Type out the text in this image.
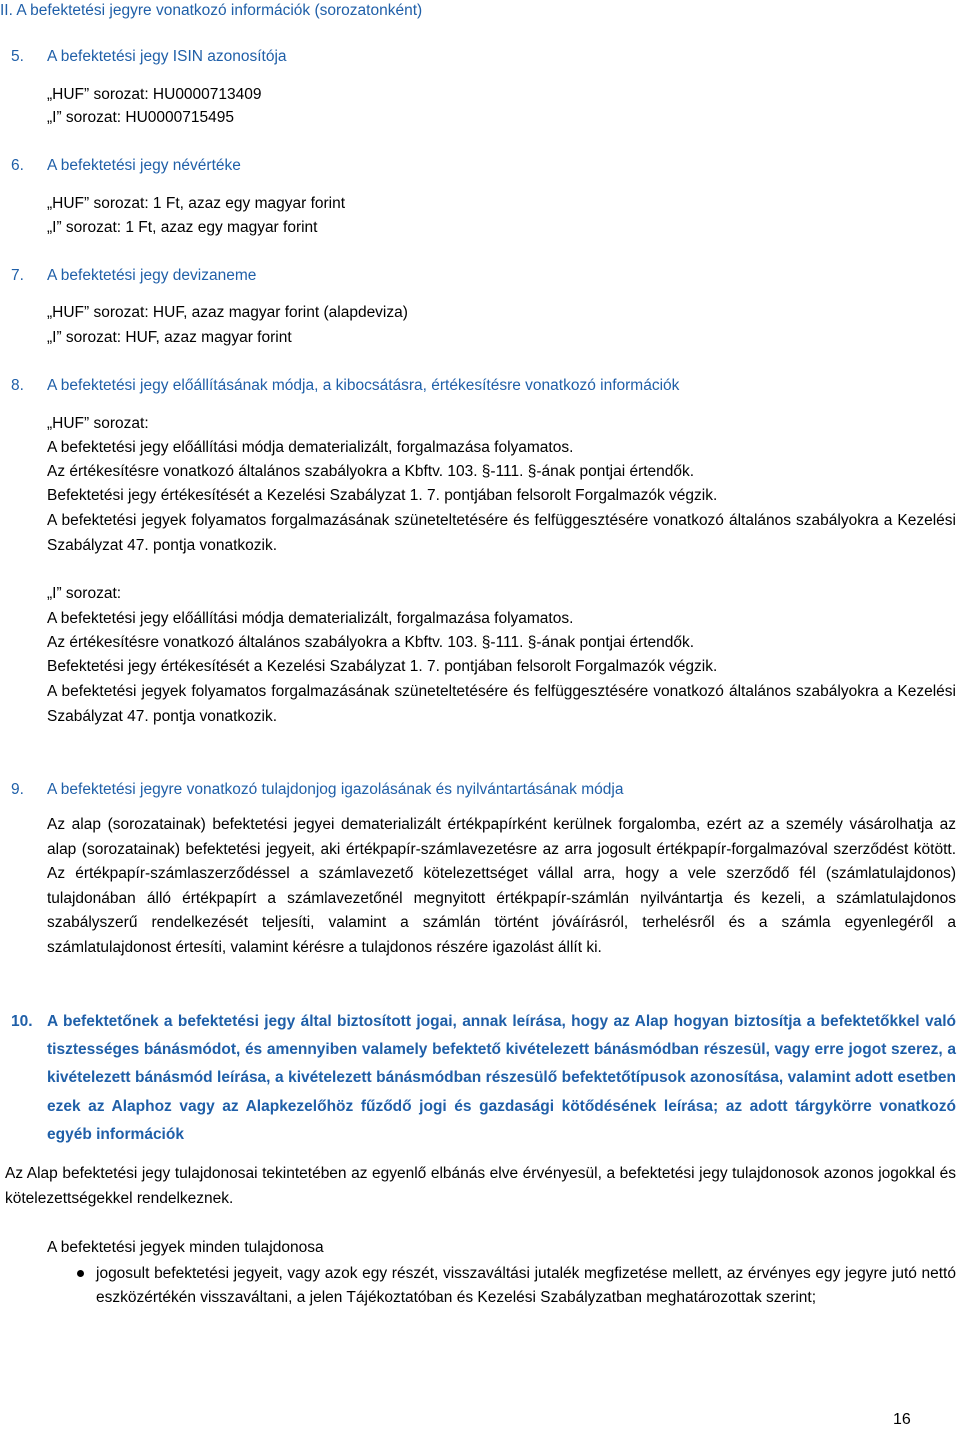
II. A befektetési jegyre vonatkozó információk (sorozatonként)
5. A befektetési jegy ISIN azonosítója
„HUF” sorozat: HU0000713409
„I” sorozat: HU0000715495
6. A befektetési jegy névértéke
„HUF” sorozat: 1 Ft, azaz egy magyar forint
„I” sorozat: 1 Ft, azaz egy magyar forint
7. A befektetési jegy devizaneme
„HUF” sorozat: HUF, azaz magyar forint (alapdeviza)
„I” sorozat: HUF, azaz magyar forint
8. A befektetési jegy előállításának módja, a kibocsátásra, értékesítésre vonatkozó információk
„HUF” sorozat:
A befektetési jegy előállítási módja dematerializált, forgalmazása folyamatos.
Az értékesítésre vonatkozó általános szabályokra a Kbftv. 103. §-111. §-ának pontjai értendők.
Befektetési jegy értékesítését a Kezelési Szabályzat 1. 7. pontjában felsorolt Forgalmazók végzik.
A befektetési jegyek folyamatos forgalmazásának szüneteltetésére és felfüggesztésére vonatkozó általános szabályokra a Kezelési Szabályzat 47. pontja vonatkozik.
„I” sorozat:
A befektetési jegy előállítási módja dematerializált, forgalmazása folyamatos.
Az értékesítésre vonatkozó általános szabályokra a Kbftv. 103. §-111. §-ának pontjai értendők.
Befektetési jegy értékesítését a Kezelési Szabályzat 1. 7. pontjában felsorolt Forgalmazók végzik.
A befektetési jegyek folyamatos forgalmazásának szüneteltetésére és felfüggesztésére vonatkozó általános szabályokra a Kezelési Szabályzat 47. pontja vonatkozik.
9. A befektetési jegyre vonatkozó tulajdonjog igazolásának és nyilvántartásának módja
Az alap (sorozatainak) befektetési jegyei dematerializált értékpapírként kerülnek forgalomba, ezért az a személy vásárolhatja az alap (sorozatainak) befektetési jegyeit, aki értékpapír-számlavezetésre az arra jogosult értékpapír-forgalmazóval szerződést kötött. Az értékpapír-számlaszerződéssel a számlavezető kötelezettséget vállal arra, hogy a vele szerződő fél (számlatulajdonos) tulajdonában álló értékpapírt a számlavezetőnél megnyitott értékpapír-számlán nyilvántartja és kezeli, a számlatulajdonos szabályszerű rendelkezését teljesíti, valamint a számlán történt jóváírásról, terhelésről és a számla egyenlegéről a számlatulajdonost értesíti, valamint kérésre a tulajdonos részére igazolást állít ki.
10. A befektetőnek a befektetési jegy által biztosított jogai, annak leírása, hogy az Alap hogyan biztosítja a befektetőkkel való tisztességes bánásmódot, és amennyiben valamely befektető kivételezett bánásmódban részesül, vagy erre jogot szerez, a kivételezett bánásmód leírása, a kivételezett bánásmódban részesülő befektetőtípusok azonosítása, valamint adott esetben ezek az Alaphoz vagy az Alapkezelőhöz fűződő jogi és gazdasági kötődésének leírása; az adott tárgykörre vonatkozó egyéb információk
Az Alap befektetési jegy tulajdonosai tekintetében az egyenlő elbánás elve érvényesül, a befektetési jegy tulajdonosok azonos jogokkal és kötelezettségekkel rendelkeznek.
A befektetési jegyek minden tulajdonosa
jogosult befektetési jegyeit, vagy azok egy részét, visszaváltási jutalék megfizetése mellett, az érvényes egy jegyre jutó nettó eszközértékén visszaváltani, a jelen Tájékoztatóban és Kezelési Szabályzatban meghatározottak szerint;
16
